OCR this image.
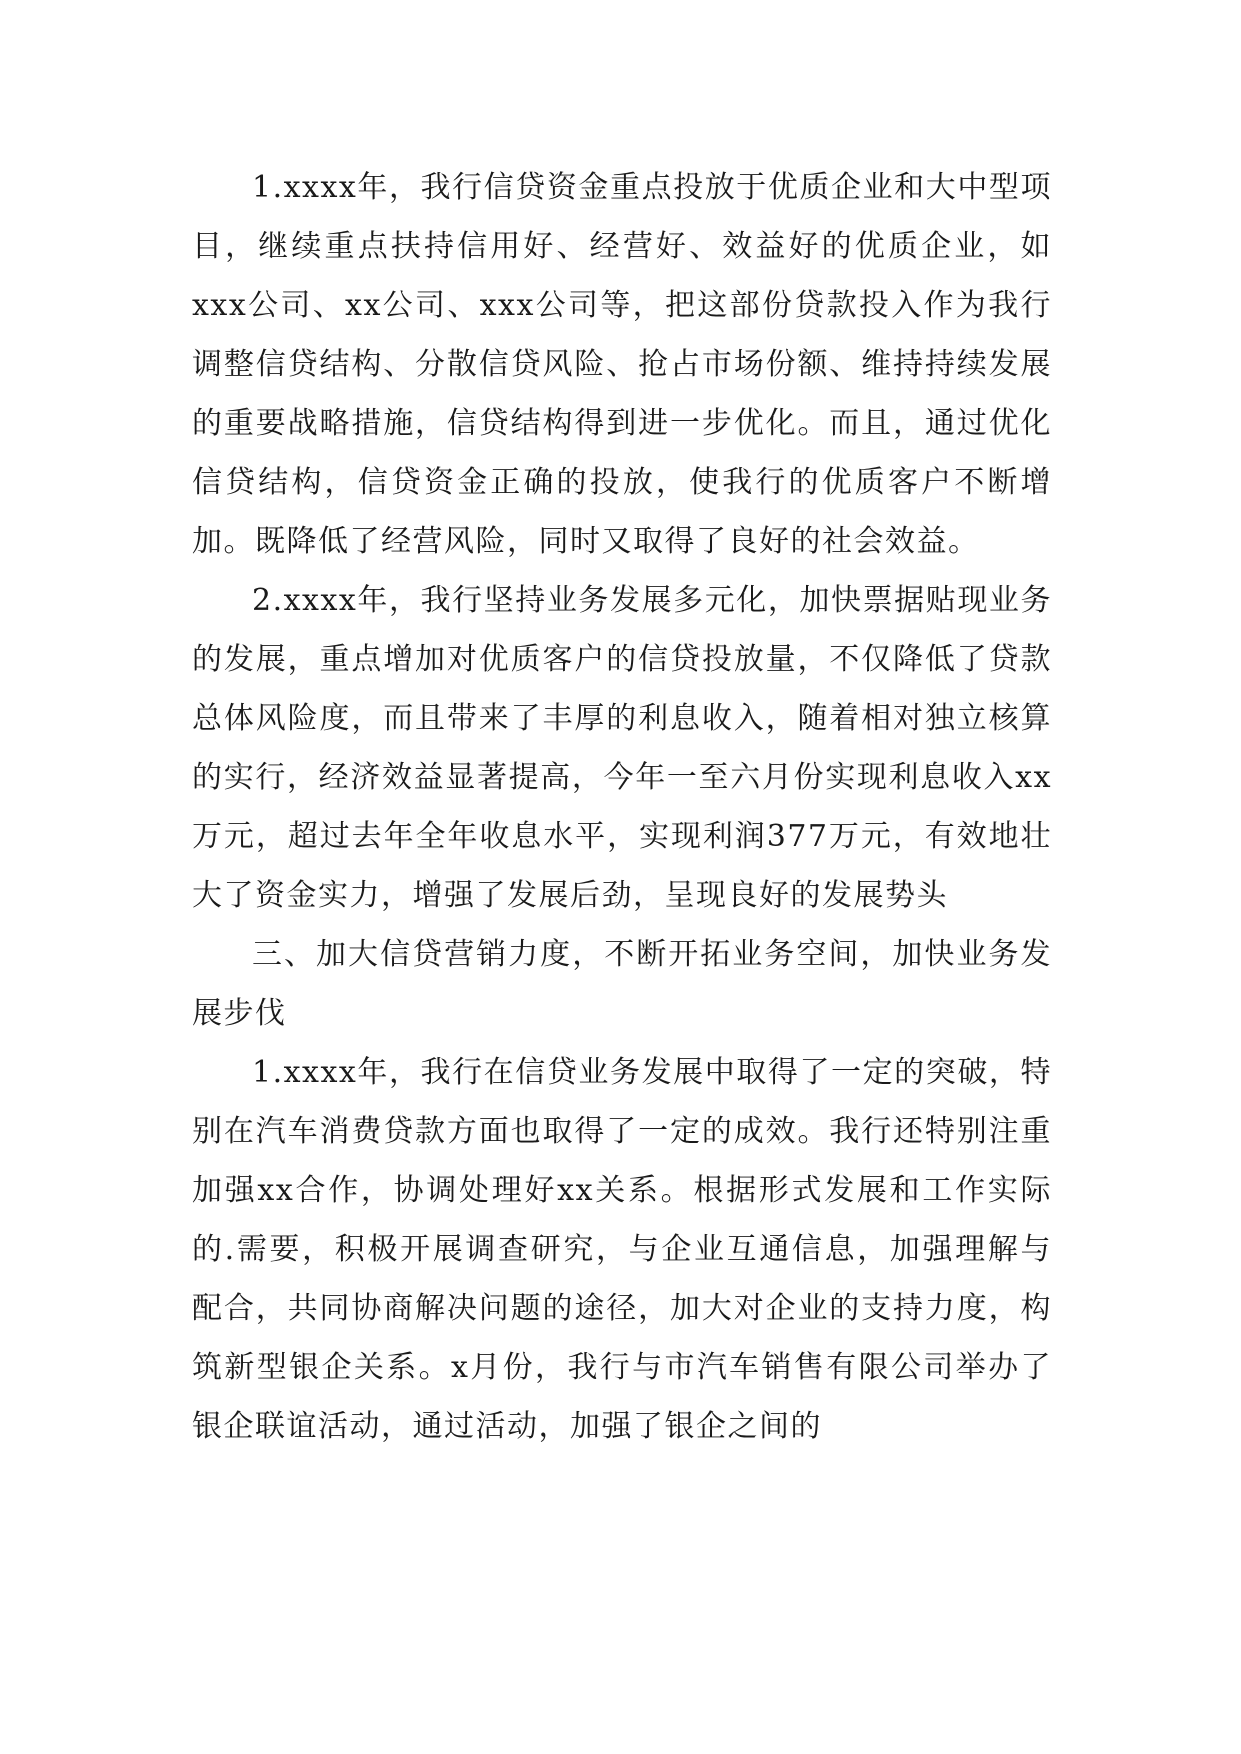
1.xxxx年，我行信贷资金重点投放于优质企业和大中型项目，继续重点扶持信用好、经营好、效益好的优质企业，如xxx公司、xx公司、xxx公司等，把这部份贷款投入作为我行调整信贷结构、分散信贷风险、抢占市场份额、维持持续发展的重要战略措施，信贷结构得到进一步优化。而且，通过优化信贷结构，信贷资金正确的投放，使我行的优质客户不断增加。既降低了经营风险，同时又取得了良好的社会效益。

2.xxxx年，我行坚持业务发展多元化，加快票据贴现业务的发展，重点增加对优质客户的信贷投放量，不仅降低了贷款总体风险度，而且带来了丰厚的利息收入，随着相对独立核算的实行，经济效益显著提高，今年一至六月份实现利息收入xx万元，超过去年全年收息水平，实现利润377万元，有效地壮大了资金实力，增强了发展后劲，呈现良好的发展势头

三、加大信贷营销力度，不断开拓业务空间，加快业务发展步伐

1.xxxx年，我行在信贷业务发展中取得了一定的突破，特别在汽车消费贷款方面也取得了一定的成效。我行还特别注重加强xx合作，协调处理好xx关系。根据形式发展和工作实际的.需要，积极开展调查研究，与企业互通信息，加强理解与配合，共同协商解决问题的途径，加大对企业的支持力度，构筑新型银企关系。x月份，我行与市汽车销售有限公司举办了银企联谊活动，通过活动，加强了银企之间的
